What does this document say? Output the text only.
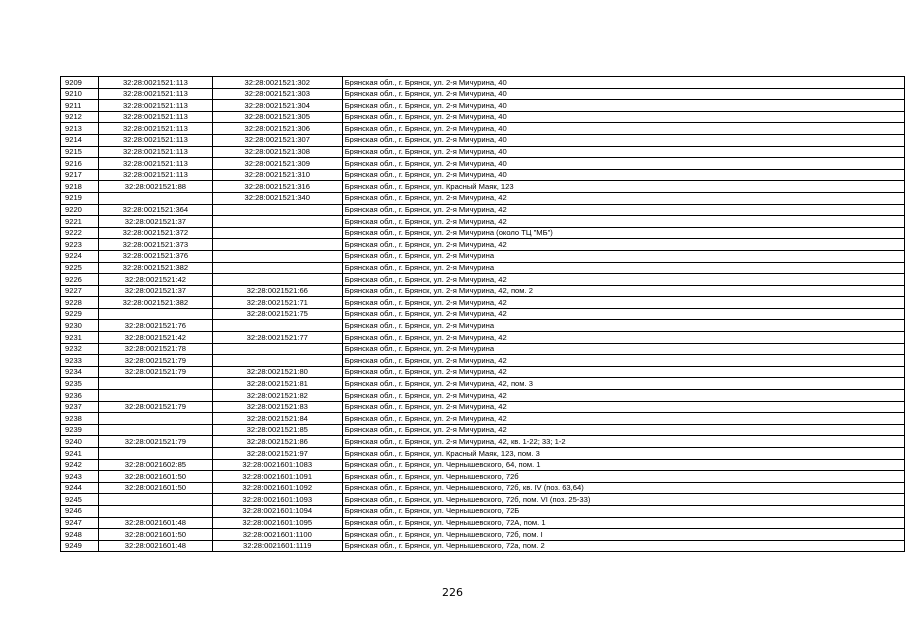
9209	32:28:0021521:113	32:28:0021521:302	Брянская обл., г. Брянск, ул. 2-я Мичурина, 40
9210	32:28:0021521:113	32:28:0021521:303	Брянская обл., г. Брянск, ул. 2-я Мичурина, 40
9211	32:28:0021521:113	32:28:0021521:304	Брянская обл., г. Брянск, ул. 2-я Мичурина, 40
9212	32:28:0021521:113	32:28:0021521:305	Брянская обл., г. Брянск, ул. 2-я Мичурина, 40
9213	32:28:0021521:113	32:28:0021521:306	Брянская обл., г. Брянск, ул. 2-я Мичурина, 40
9214	32:28:0021521:113	32:28:0021521:307	Брянская обл., г. Брянск, ул. 2-я Мичурина, 40
9215	32:28:0021521:113	32:28:0021521:308	Брянская обл., г. Брянск, ул. 2-я Мичурина, 40
9216	32:28:0021521:113	32:28:0021521:309	Брянская обл., г. Брянск, ул. 2-я Мичурина, 40
9217	32:28:0021521:113	32:28:0021521:310	Брянская обл., г. Брянск, ул. 2-я Мичурина, 40
9218	32:28:0021521:88	32:28:0021521:316	Брянская обл., г. Брянск, ул. Красный Маяк, 123
9219		32:28:0021521:340	Брянская обл., г. Брянск, ул. 2-я Мичурина, 42
9220	32:28:0021521:364		Брянская обл., г. Брянск, ул. 2-я Мичурина, 42
9221	32:28:0021521:37		Брянская обл., г. Брянск, ул. 2-я Мичурина, 42
9222	32:28:0021521:372		Брянская обл., г. Брянск, ул. 2-я Мичурина (около ТЦ "МБ")
9223	32:28:0021521:373		Брянская обл., г. Брянск, ул. 2-я Мичурина, 42
9224	32:28:0021521:376		Брянская обл., г. Брянск, ул. 2-я Мичурина
9225	32:28:0021521:382		Брянская обл., г. Брянск, ул. 2-я Мичурина
9226	32:28:0021521:42		Брянская обл., г. Брянск, ул. 2-я Мичурина, 42
9227	32:28:0021521:37	32:28:0021521:66	Брянская обл., г. Брянск, ул. 2-я Мичурина, 42, пом. 2
9228	32:28:0021521:382	32:28:0021521:71	Брянская обл., г. Брянск, ул. 2-я Мичурина, 42
9229		32:28:0021521:75	Брянская обл., г. Брянск, ул. 2-я Мичурина, 42
9230	32:28:0021521:76		Брянская обл., г. Брянск, ул. 2-я Мичурина
9231	32:28:0021521:42	32:28:0021521:77	Брянская обл., г. Брянск, ул. 2-я Мичурина, 42
9232	32:28:0021521:78		Брянская обл., г. Брянск, ул. 2-я Мичурина
9233	32:28:0021521:79		Брянская обл., г. Брянск, ул. 2-я Мичурина, 42
9234	32:28:0021521:79	32:28:0021521:80	Брянская обл., г. Брянск, ул. 2-я Мичурина, 42
9235		32:28:0021521:81	Брянская обл., г. Брянск, ул. 2-я Мичурина, 42, пом. 3
9236		32:28:0021521:82	Брянская обл., г. Брянск, ул. 2-я Мичурина, 42
9237	32:28:0021521:79	32:28:0021521:83	Брянская обл., г. Брянск, ул. 2-я Мичурина, 42
9238		32:28:0021521:84	Брянская обл., г. Брянск, ул. 2-я Мичурина, 42
9239		32:28:0021521:85	Брянская обл., г. Брянск, ул. 2-я Мичурина, 42
9240	32:28:0021521:79	32:28:0021521:86	Брянская обл., г. Брянск, ул. 2-я Мичурина, 42, кв. 1-22; 33; 1-2
9241		32:28:0021521:97	Брянская обл., г. Брянск, ул. Красный Маяк, 123, пом. 3
9242	32:28:0021602:85	32:28:0021601:1083	Брянская обл., г. Брянск, ул. Чернышевского, 64, пом. 1
9243	32:28:0021601:50	32:28:0021601:1091	Брянская обл., г. Брянск, ул. Чернышевского, 72б
9244	32:28:0021601:50	32:28:0021601:1092	Брянская обл., г. Брянск, ул. Чернышевского, 72б, кв. IV (поз. 63,64)
9245		32:28:0021601:1093	Брянская обл., г. Брянск, ул. Чернышевского, 72б, пом. VI (поз. 25-33)
9246		32:28:0021601:1094	Брянская обл., г. Брянск, ул. Чернышевского, 72Б
9247	32:28:0021601:48	32:28:0021601:1095	Брянская обл., г. Брянск, ул. Чернышевского, 72А, пом. 1
9248	32:28:0021601:50	32:28:0021601:1100	Брянская обл., г. Брянск, ул. Чернышевского, 72б, пом. I
9249	32:28:0021601:48	32:28:0021601:1119	Брянская обл., г. Брянск, ул. Чернышевского, 72а, пом. 2
226
